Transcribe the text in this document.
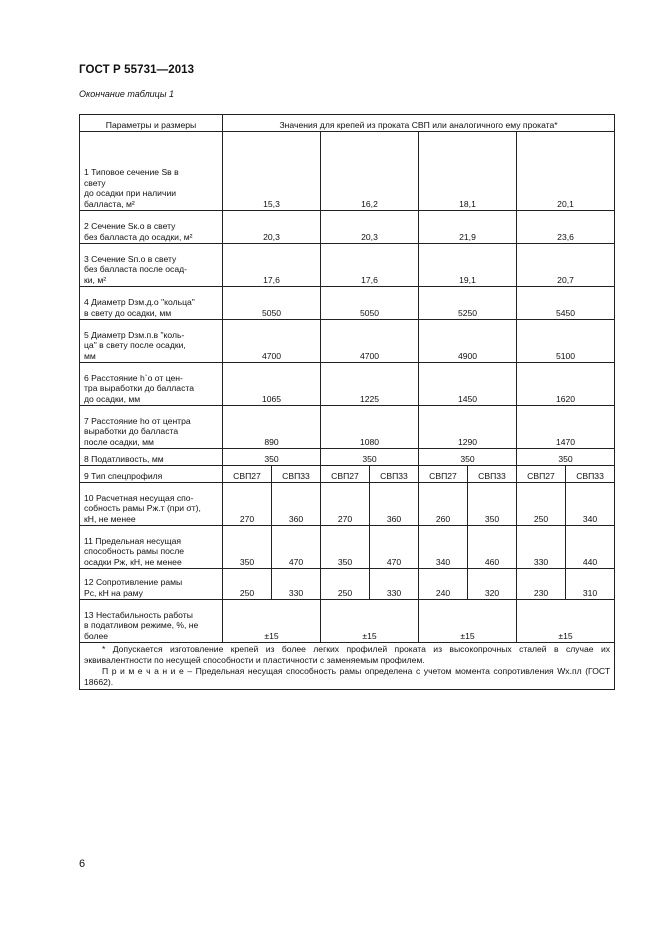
ГОСТ Р 55731—2013
Окончание таблицы 1
Параметры и размеры	Значения для крепей из проката СВП или аналогичного ему проката*							

1 Типовое сечение Sв в
свету
до осадки при наличии
балласта, м²	15,3		16,2		18,1		20,1	

2 Сечение Sк.о в свету
без балласта до осадки, м²	20,3		20,3		21,9		23,6	

3 Сечение Sп.о в свету
без балласта после осад-
ки, м²	17,6		17,6		19,1		20,7	

4 Диаметр Dзм.д.о "кольца"
в свету до осадки, мм	5050		5050		5250		5450	

5 Диаметр Dзм.п.в "коль-
ца" в свету после осадки,
мм	4700		4700		4900		5100	

6 Расстояние h`о от цен-
тра выработки до балласта
до осадки, мм	1065		1225		1450		1620	

7 Расстояние hо от центра
выработки до балласта
после осадки, мм	890		1080		1290		1470	

8 Податливость, мм	350		350		350		350	
9 Тип спецпрофиля	СВП27	СВП33	СВП27	СВП33	СВП27	СВП33	СВП27	СВП33

10 Расчетная несущая спо-
собность рамы Pж.т (при σт),
кН, не менее	270	360	270	360	260	350	250	340

11 Предельная несущая
способность рамы после
осадки Pж, кН, не менее	350	470	350	470	340	460	330	440

12 Сопротивление рамы
Pс, кН на раму	250	330	250	330	240	320	230	310

13 Нестабильность работы
в податливом режиме, %, не
более	±15		±15		±15		±15	

* Допускается изготовление крепей из более легких профилей проката из высокопрочных сталей в случае их эквивалентности по несущей способности и пластичности с заменяемым профилем.

П р и м е ч а н и е – Предельная несущая способность рамы определена с учетом момента сопротивления Wх.пл (ГОСТ 18662).								

6
